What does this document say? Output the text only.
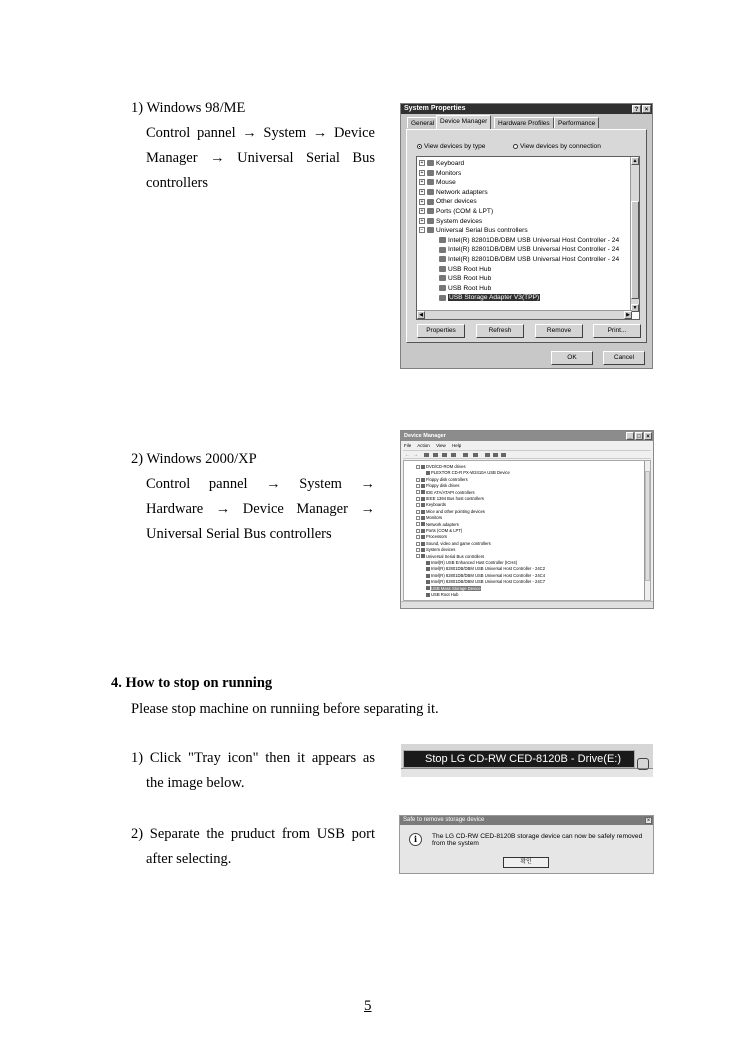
1) Windows 98/ME
Control pannel → System → Device
Manager → Universal Serial Bus
controllers
System Properties	?	×
General Device Manager	Hardware Profiles	Performance
View devices by type	View devices by connection
+ Keyboard
+ Monitors
+ Mouse
+ Network adapters
+ Other devices
+ Ports (COM & LPT)
+ System devices
− Universal Serial Bus controllers
Intel(R) 82801DB/DBM USB Universal Host Controller - 24
Intel(R) 82801DB/DBM USB Universal Host Controller - 24
Intel(R) 82801DB/DBM USB Universal Host Controller - 24
USB Root Hub
USB Root Hub
USB Root Hub
USB Storage Adapter V3(TPP)
▲
▼
◀	▶
Properties	Refresh	Remove	Print...
OK	Cancel
2) Windows 2000/XP
Control pannel → System →
Hardware → Device Manager →
Universal Serial Bus controllers
Device Manager	_ □ ×
File Action View Help
← →
DVD/CD-ROM drives
PLEXTOR CD-R PX-W2410A USB Device
Floppy disk controllers
Floppy disk drives
IDE ATA/ATAPI controllers
IEEE 1394 Bus host controllers
Keyboards
Mice and other pointing devices
Monitors
Network adapters
Ports (COM & LPT)
Processors
Sound, video and game controllers
System devices
Universal Serial Bus controllers
Intel(R) USB Enhanced Host Controller (ICH4)
Intel(R) 82801DB/DBM USB Universal Host Controller - 24C2
Intel(R) 82801DB/DBM USB Universal Host Controller - 24C4
Intel(R) 82801DB/DBM USB Universal Host Controller - 24C7
USB Mass Storage Device
USB Root Hub
4. How to stop on running
Please stop machine on runniing before separating it.
1) Click "Tray icon" then it appears as
the image below.
Stop LG CD-RW CED-8120B - Drive(E:)
2) Separate the pruduct from USB port
after selecting.
Safe to remove storage device	×
i	The LG CD-RW CED-8120B storage device can now be safely removed
from the system
확인
5
